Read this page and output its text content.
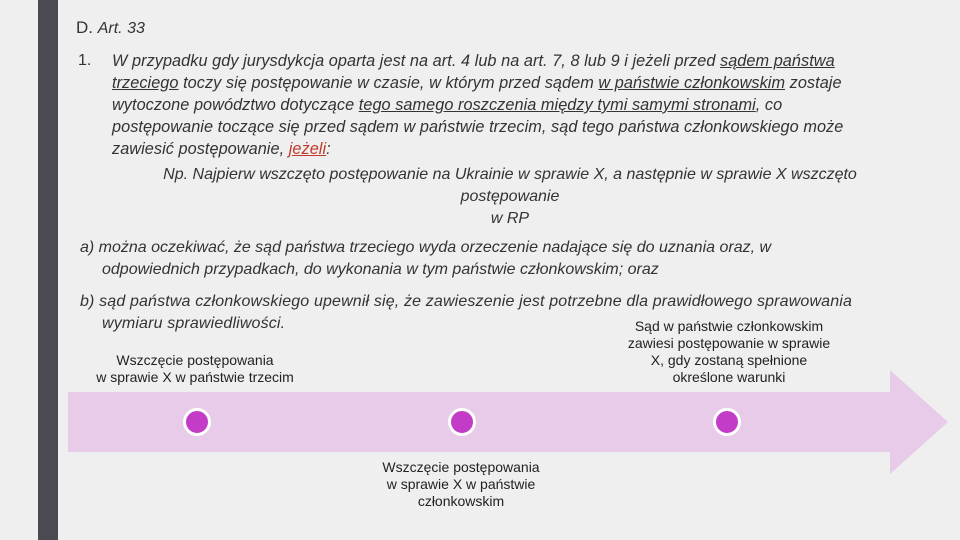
D. Art. 33
1. W przypadku gdy jurysdykcja oparta jest na art. 4 lub na art. 7, 8 lub 9 i jeżeli przed sądem państwa
trzeciego toczy się postępowanie w czasie, w którym przed sądem w państwie członkowskim zostaje
wytoczone powództwo dotyczące tego samego roszczenia między tymi samymi stronami, co
postępowanie toczące się przed sądem w państwie trzecim, sąd tego państwa członkowskiego może
zawiesić postępowanie, jeżeli:
Np. Najpierw wszczęto postępowanie na Ukrainie w sprawie X, a następnie w sprawie X wszczęto
postępowanie
w RP
a) można oczekiwać, że sąd państwa trzeciego wyda orzeczenie nadające się do uznania oraz, w
odpowiednich przypadkach, do wykonania w tym państwie członkowskim; oraz
b) sąd państwa członkowskiego upewnił się, że zawieszenie jest potrzebne dla prawidłowego sprawowania
wymiaru sprawiedliwości.
Wszczęcie postępowania
w sprawie X w państwie trzecim
Wszczęcie postępowania
w sprawie X w państwie
członkowskim
Sąd w państwie członkowskim
zawiesi postępowanie w sprawie
X, gdy zostaną spełnione
określone warunki
